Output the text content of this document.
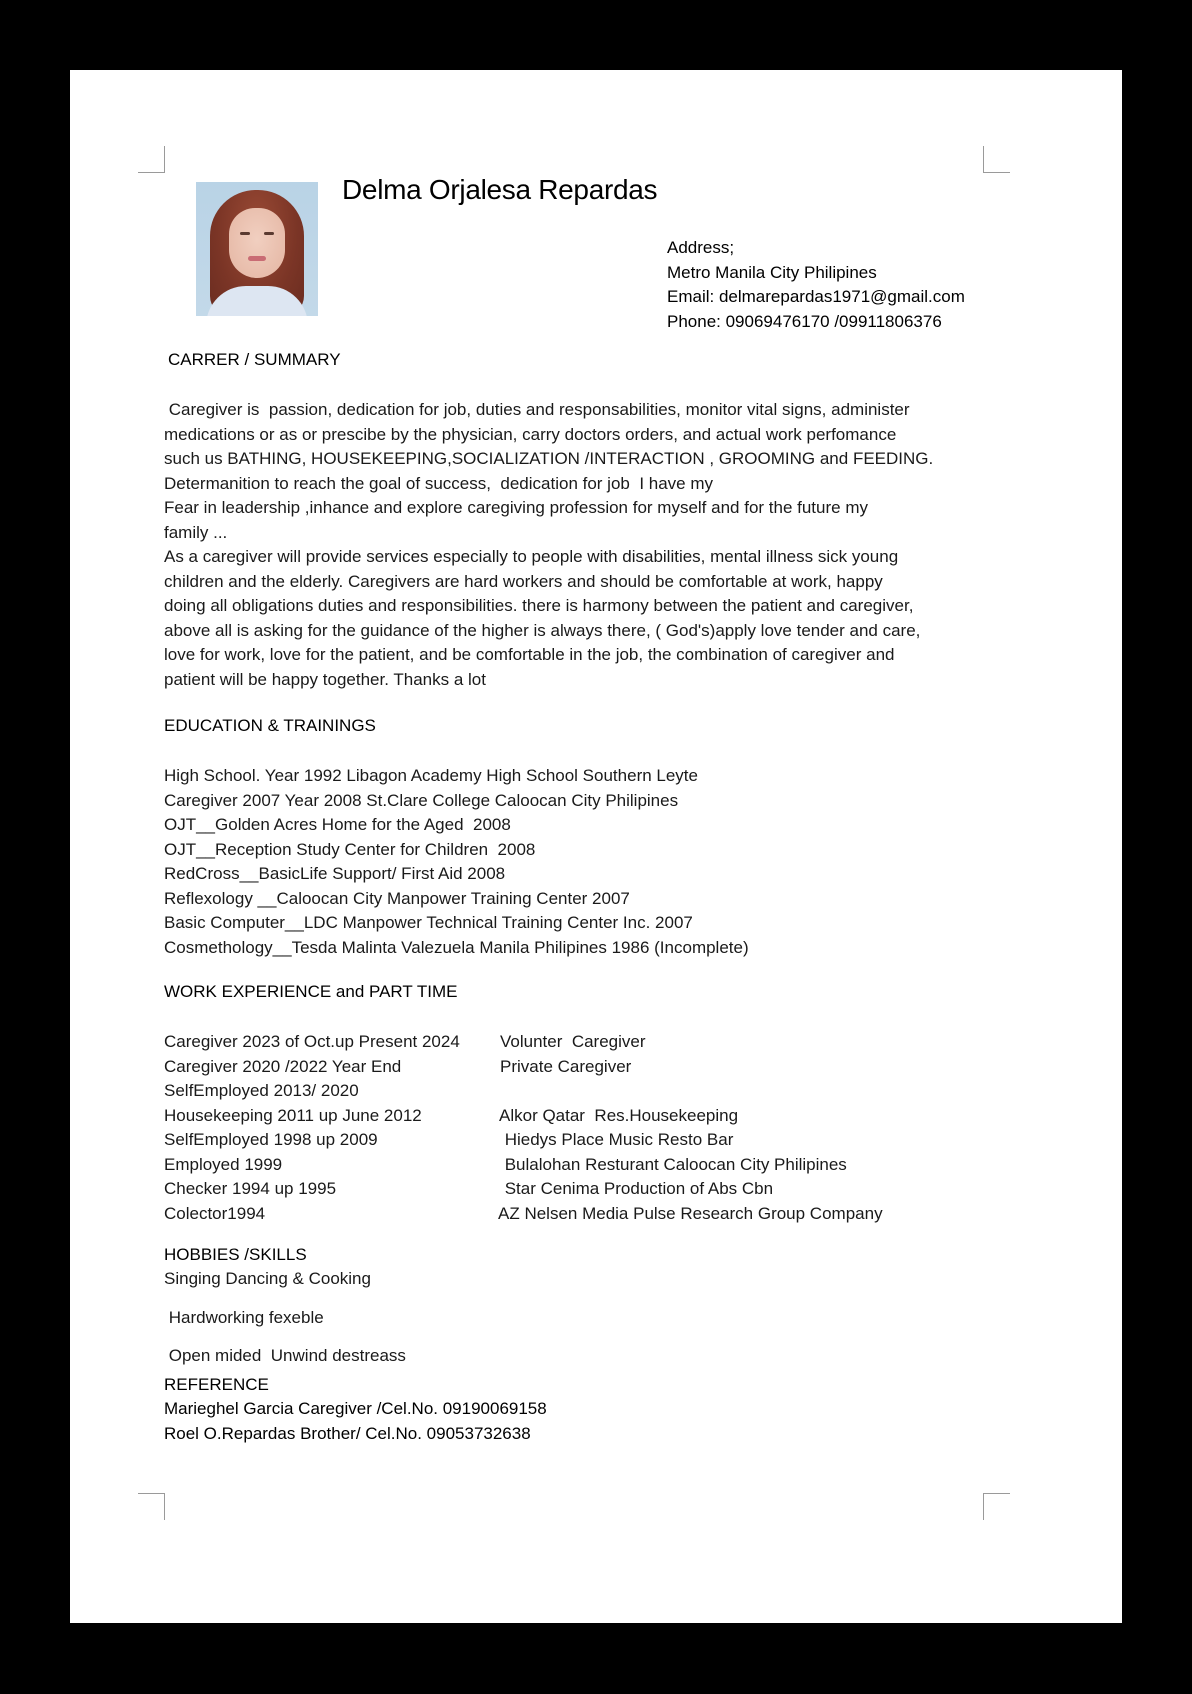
Delma Orjalesa Repardas
Address;
Metro Manila City Philipines
Email: delmarepardas1971@gmail.com
Phone: 09069476170 /09911806376
CARRER / SUMMARY

Caregiver is  passion, dedication for job, duties and responsabilities, monitor vital signs, administer

medications or as or prescibe by the physician, carry doctors orders, and actual work perfomance

such us BATHING, HOUSEKEEPING,SOCIALIZATION /INTERACTION , GROOMING and FEEDING.

Determanition to reach the goal of success,  dedication for job  I have my

Fear in leadership ,inhance and explore caregiving profession for myself and for the future my

family ...

As a caregiver will provide services especially to people with disabilities, mental illness sick young

children and the elderly. Caregivers are hard workers and should be comfortable at work, happy

doing all obligations duties and responsibilities. there is harmony between the patient and caregiver,

above all is asking for the guidance of the higher is always there, ( God's)apply love tender and care,

love for work, love for the patient, and be comfortable in the job, the combination of caregiver and

patient will be happy together. Thanks a lot

EDUCATION & TRAININGS
High School. Year 1992 Libagon Academy High School Southern Leyte
Caregiver 2007 Year 2008 St.Clare College Caloocan City Philipines
OJT__Golden Acres Home for the Aged  2008
OJT__Reception Study Center for Children  2008
RedCross__BasicLife Support/ First Aid 2008
Reflexology __Caloocan City Manpower Training Center 2007
Basic Computer__LDC Manpower Technical Training Center Inc. 2007
Cosmethology__Tesda Malinta Valezuela Manila Philipines 1986 (Incomplete)
WORK EXPERIENCE and PART TIME
Caregiver 2023 of Oct.up Present 2024 Volunter  Caregiver
Caregiver 2020 /2022 Year End	Private Caregiver
SelfEmployed 2013/ 2020
Housekeeping 2011 up June 2012	Alkor Qatar  Res.Housekeeping
SelfEmployed 1998 up 2009	Hiedys Place Music Resto Bar
Employed 1999	Bulalohan Resturant Caloocan City Philipines
Checker 1994 up 1995	Star Cenima Production of Abs Cbn
Colector1994	AZ Nelsen Media Pulse Research Group Company
HOBBIES /SKILLS
Singing Dancing & Cooking
Hardworking fexeble
Open mided  Unwind destreass
REFERENCE
Marieghel Garcia Caregiver /Cel.No. 09190069158
Roel O.Repardas Brother/ Cel.No. 09053732638
